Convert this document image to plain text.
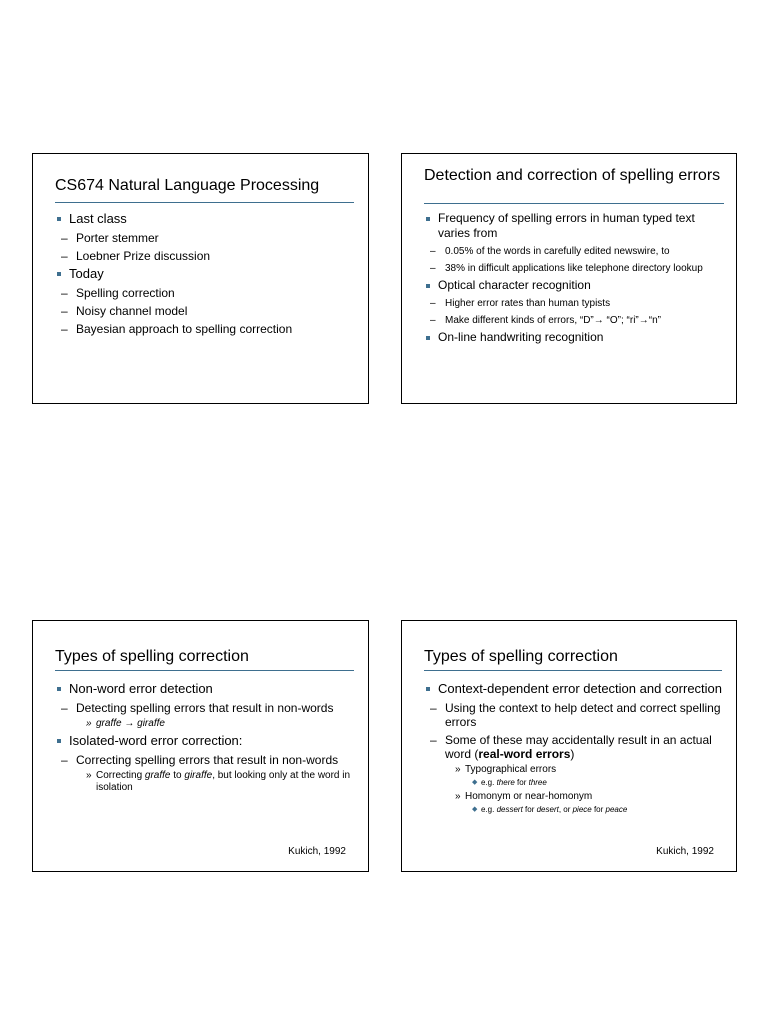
CS674 Natural Language Processing
Last class
– Porter stemmer
– Loebner Prize discussion
Today
– Spelling correction
– Noisy channel model
– Bayesian approach to spelling correction
Detection and correction of spelling errors
Frequency of spelling errors in human typed text varies from
– 0.05% of the words in carefully edited newswire, to
– 38% in difficult applications like telephone directory lookup
Optical character recognition
– Higher error rates than human typists
– Make different kinds of errors, “D”→ “O”; “ri”→“n”
On-line handwriting recognition
Types of spelling correction
Non-word error detection
– Detecting spelling errors that result in non-words
» graffe → giraffe
Isolated-word error correction:
– Correcting spelling errors that result in non-words
» Correcting graffe to giraffe, but looking only at the word in isolation
Kukich, 1992
Types of spelling correction
Context-dependent error detection and correction
– Using the context to help detect and correct spelling errors
– Some of these may accidentally result in an actual word (real-word errors)
» Typographical errors
◆ e.g. there for three
» Homonym or near-homonym
◆ e.g. dessert for desert, or piece for peace
Kukich, 1992
